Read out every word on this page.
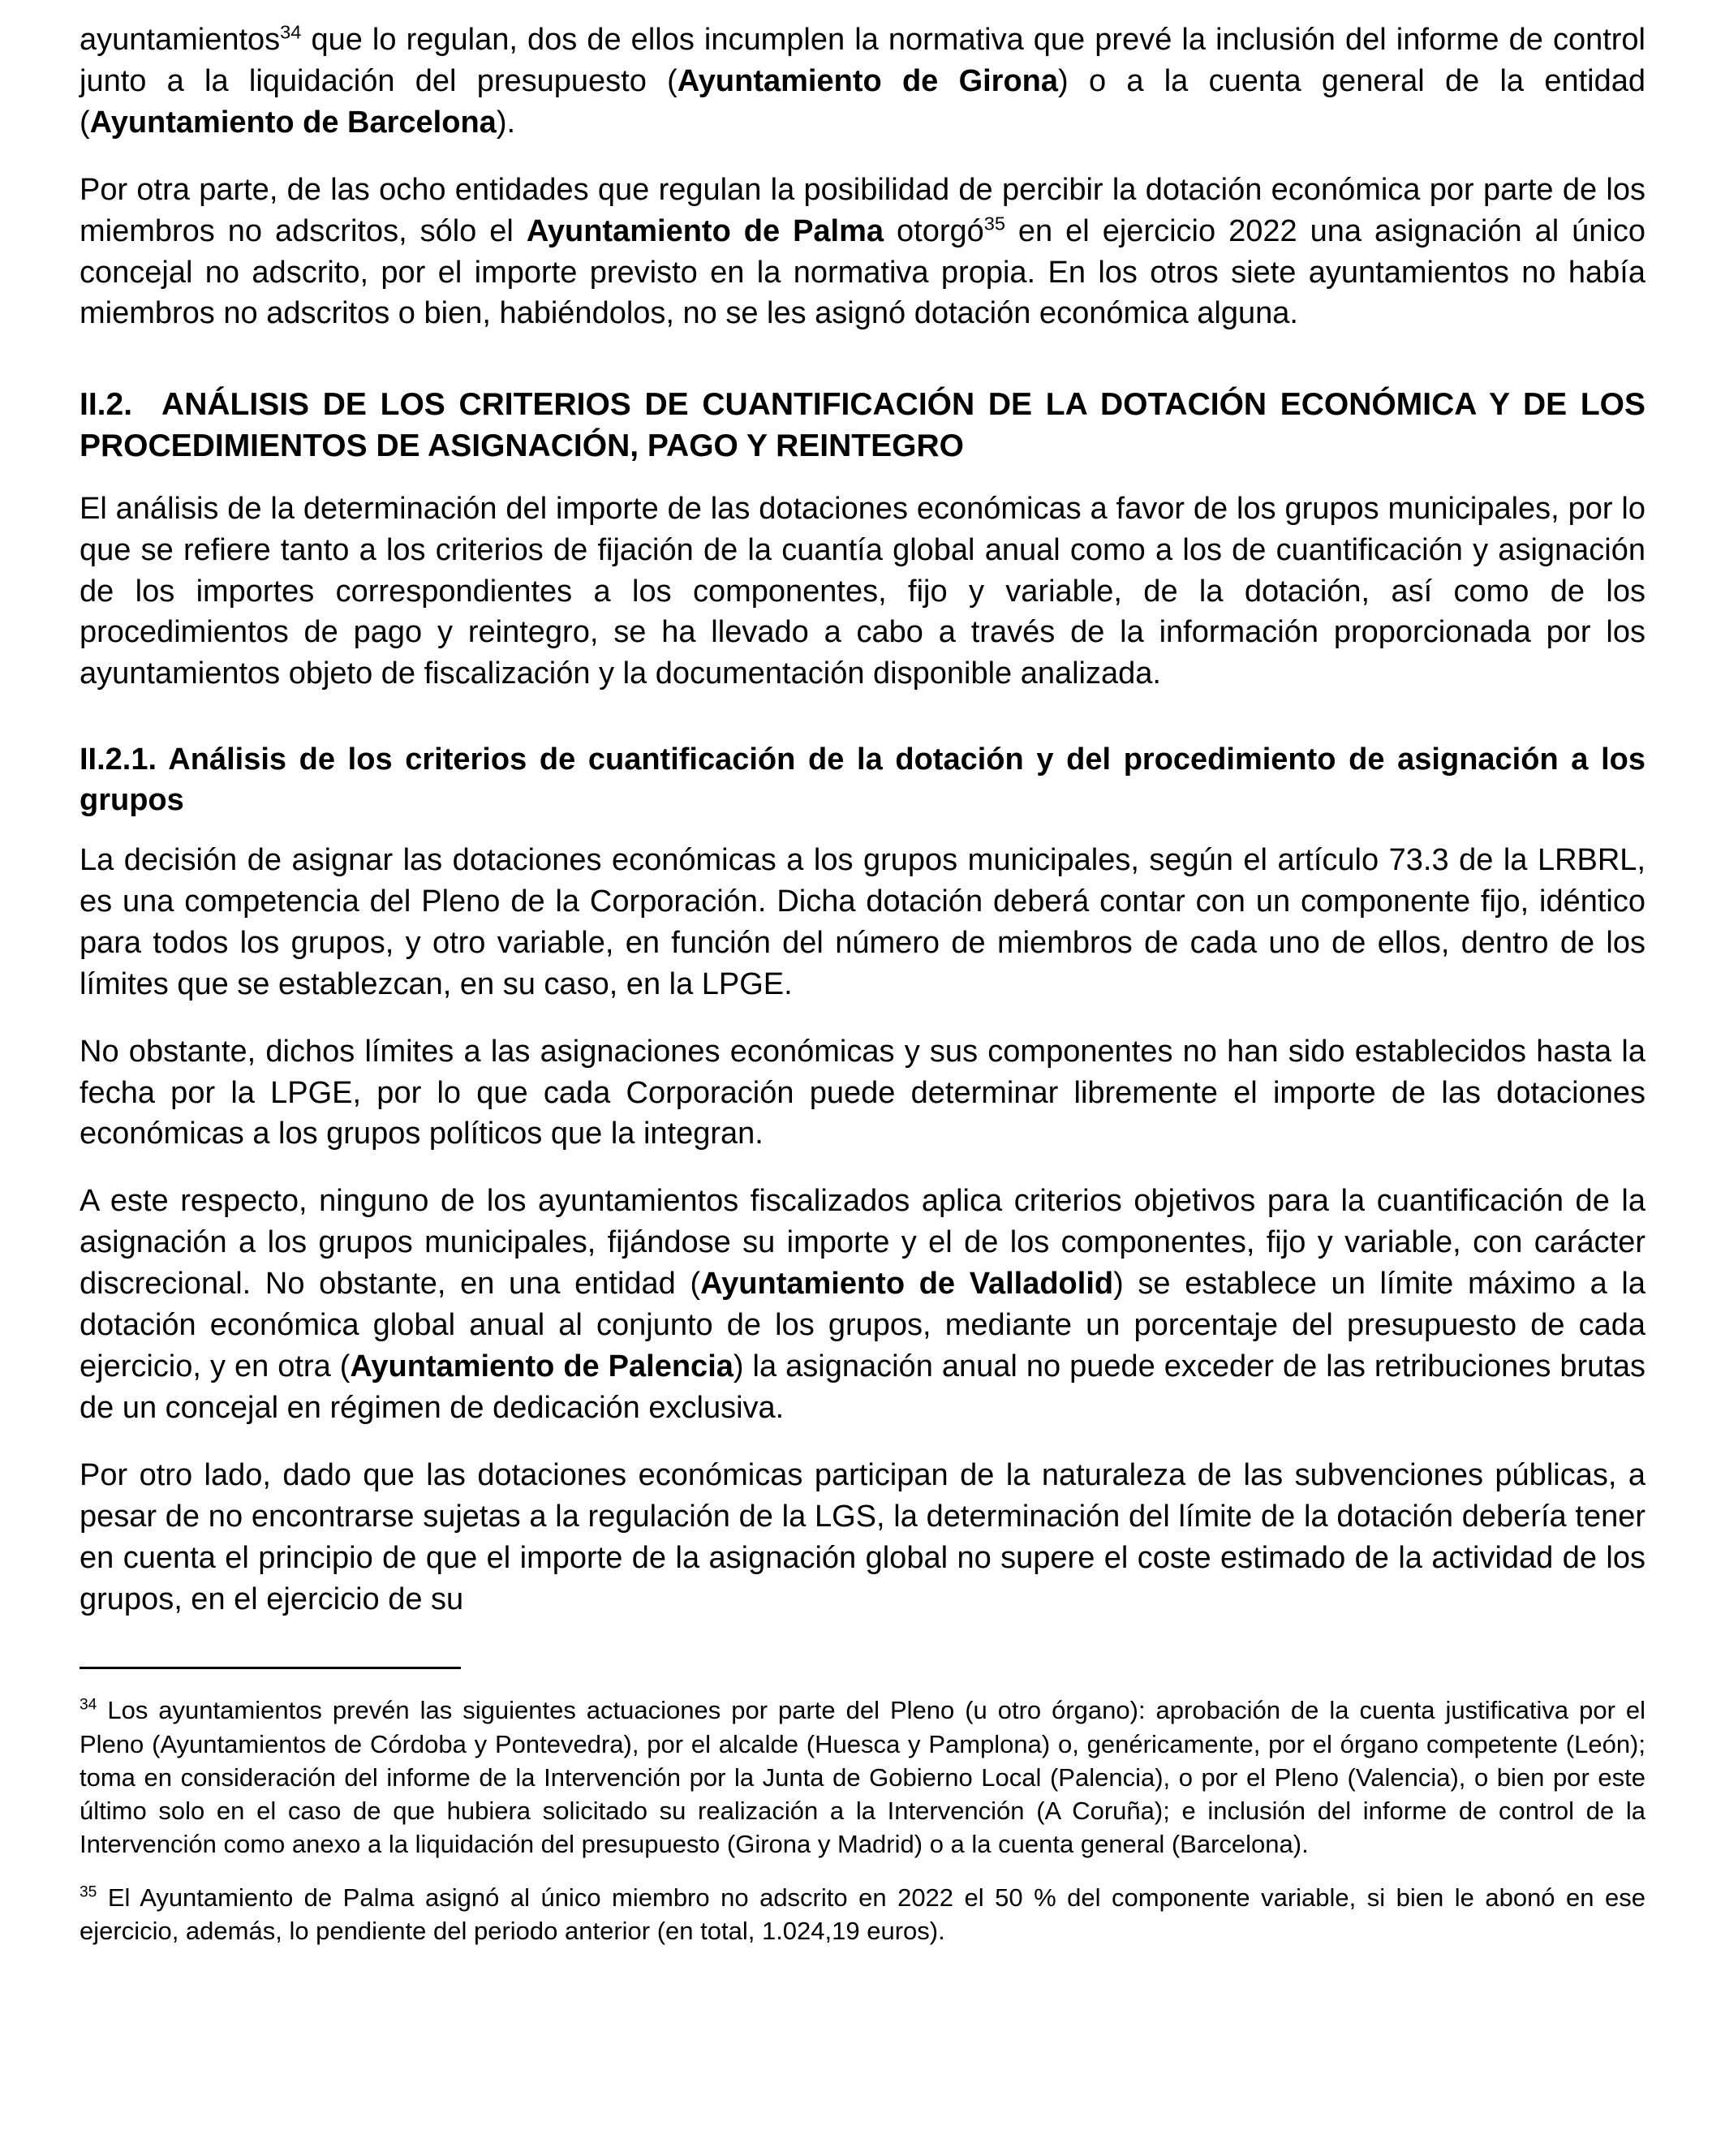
ayuntamientos$^{34}$ que lo regulan, dos de ellos incumplen la normativa que prevé la inclusión del informe de control junto a la liquidación del presupuesto (Ayuntamiento de Girona) o a la cuenta general de la entidad (Ayuntamiento de Barcelona).

Por otra parte, de las ocho entidades que regulan la posibilidad de percibir la dotación económica por parte de los miembros no adscritos, sólo el Ayuntamiento de Palma otorgó$^{35}$ en el ejercicio 2022 una asignación al único concejal no adscrito, por el importe previsto en la normativa propia. En los otros siete ayuntamientos no había miembros no adscritos o bien, habiéndolos, no se les asignó dotación económica alguna.

II.2. ANÁLISIS DE LOS CRITERIOS DE CUANTIFICACIÓN DE LA DOTACIÓN ECONÓMICA Y DE LOS PROCEDIMIENTOS DE ASIGNACIÓN, PAGO Y REINTEGRO

El análisis de la determinación del importe de las dotaciones económicas a favor de los grupos municipales, por lo que se refiere tanto a los criterios de fijación de la cuantía global anual como a los de cuantificación y asignación de los importes correspondientes a los componentes, fijo y variable, de la dotación, así como de los procedimientos de pago y reintegro, se ha llevado a cabo a través de la información proporcionada por los ayuntamientos objeto de fiscalización y la documentación disponible analizada.

II.2.1. Análisis de los criterios de cuantificación de la dotación y del procedimiento de asignación a los grupos

La decisión de asignar las dotaciones económicas a los grupos municipales, según el artículo 73.3 de la LRBRL, es una competencia del Pleno de la Corporación. Dicha dotación deberá contar con un componente fijo, idéntico para todos los grupos, y otro variable, en función del número de miembros de cada uno de ellos, dentro de los límites que se establezcan, en su caso, en la LPGE.

No obstante, dichos límites a las asignaciones económicas y sus componentes no han sido establecidos hasta la fecha por la LPGE, por lo que cada Corporación puede determinar libremente el importe de las dotaciones económicas a los grupos políticos que la integran.

A este respecto, ninguno de los ayuntamientos fiscalizados aplica criterios objetivos para la cuantificación de la asignación a los grupos municipales, fijándose su importe y el de los componentes, fijo y variable, con carácter discrecional. No obstante, en una entidad (Ayuntamiento de Valladolid) se establece un límite máximo a la dotación económica global anual al conjunto de los grupos, mediante un porcentaje del presupuesto de cada ejercicio, y en otra (Ayuntamiento de Palencia) la asignación anual no puede exceder de las retribuciones brutas de un concejal en régimen de dedicación exclusiva.

Por otro lado, dado que las dotaciones económicas participan de la naturaleza de las subvenciones públicas, a pesar de no encontrarse sujetas a la regulación de la LGS, la determinación del límite de la dotación debería tener en cuenta el principio de que el importe de la asignación global no supere el coste estimado de la actividad de los grupos, en el ejercicio de su

$^{34}$ Los ayuntamientos prevén las siguientes actuaciones por parte del Pleno (u otro órgano): aprobación de la cuenta justificativa por el Pleno (Ayuntamientos de Córdoba y Pontevedra), por el alcalde (Huesca y Pamplona) o, genéricamente, por el órgano competente (León); toma en consideración del informe de la Intervención por la Junta de Gobierno Local (Palencia), o por el Pleno (Valencia), o bien por este último solo en el caso de que hubiera solicitado su realización a la Intervención (A Coruña); e inclusión del informe de control de la Intervención como anexo a la liquidación del presupuesto (Girona y Madrid) o a la cuenta general (Barcelona).

$^{35}$ El Ayuntamiento de Palma asignó al único miembro no adscrito en 2022 el 50 % del componente variable, si bien le abonó en ese ejercicio, además, lo pendiente del periodo anterior (en total, 1.024,19 euros).
